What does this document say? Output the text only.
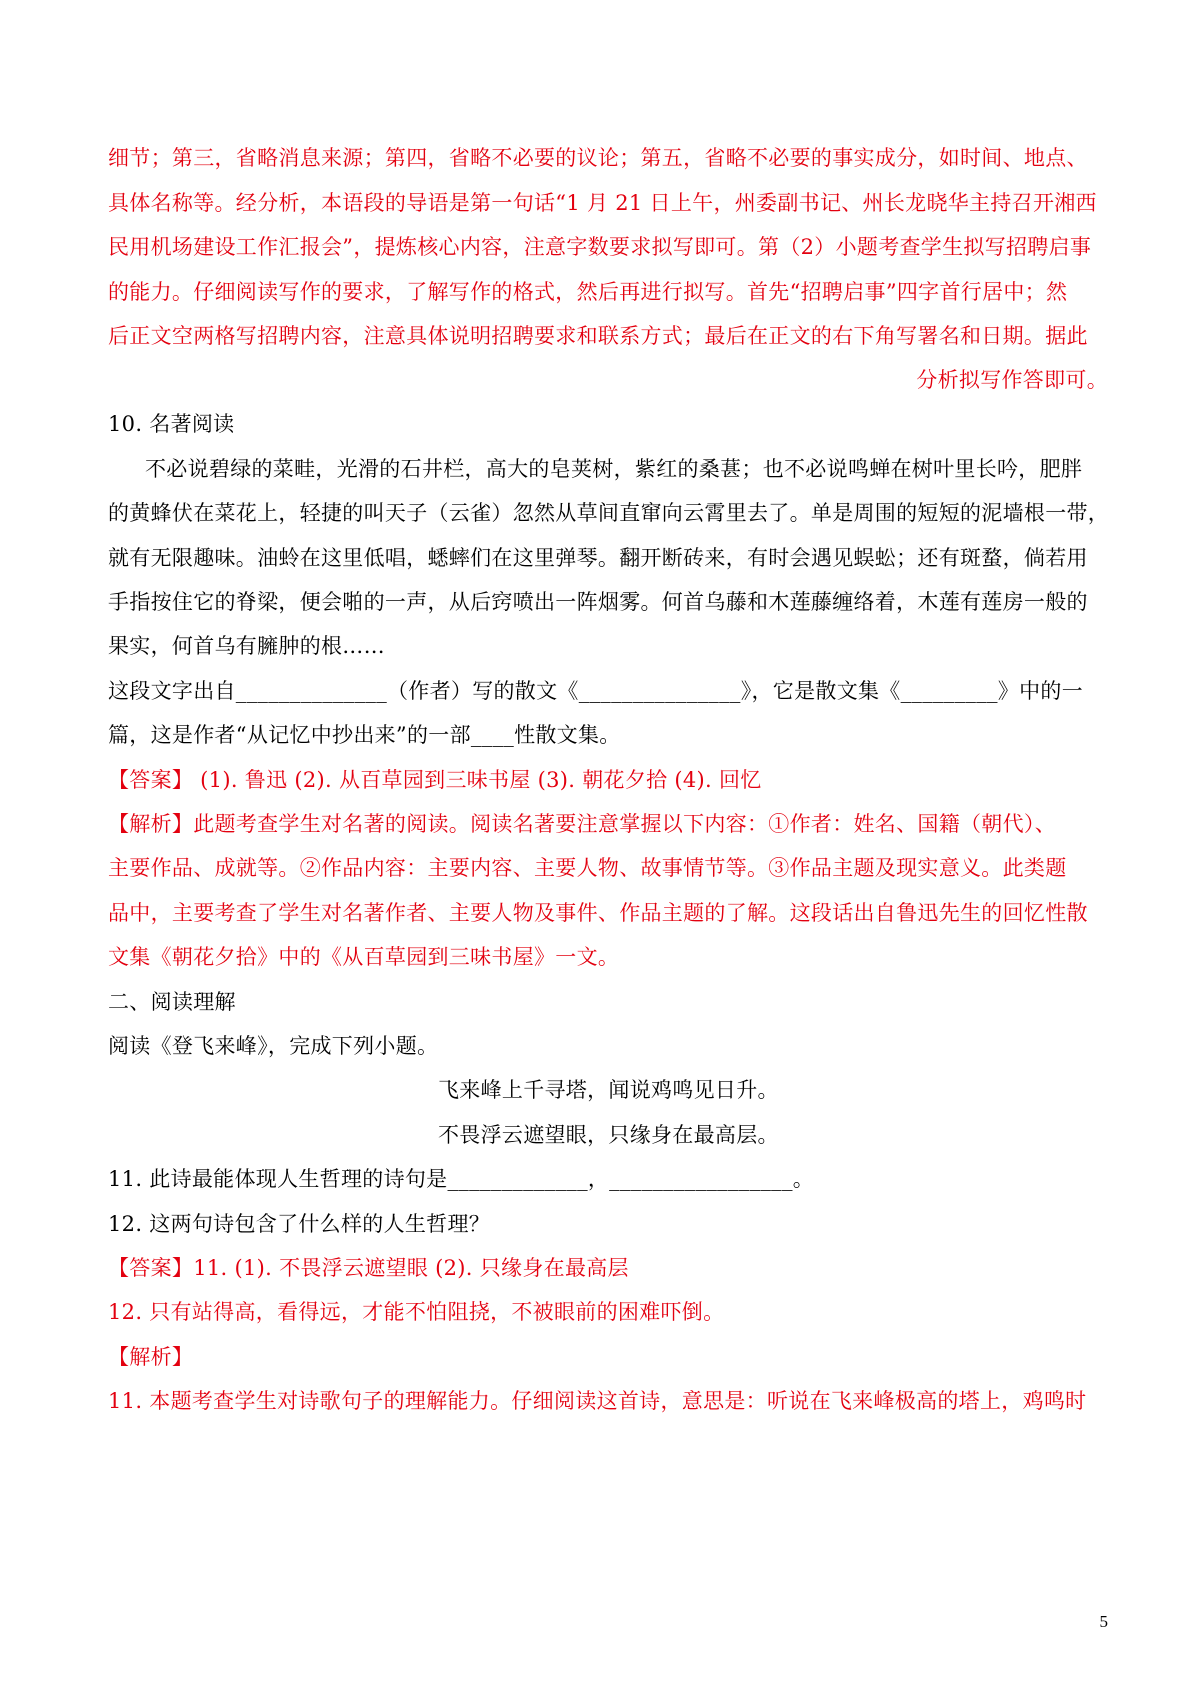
细节；第三，省略消息来源；第四，省略不必要的议论；第五，省略不必要的事实成分，如时间、地点、
具体名称等。经分析，本语段的导语是第一句话“1 月 21 日上午，州委副书记、州长龙晓华主持召开湘西
民用机场建设工作汇报会”，提炼核心内容，注意字数要求拟写即可。第（2）小题考查学生拟写招聘启事
的能力。仔细阅读写作的要求，了解写作的格式，然后再进行拟写。首先“招聘启事”四字首行居中；然
后正文空两格写招聘内容，注意具体说明招聘要求和联系方式；最后在正文的右下角写署名和日期。据此
分析拟写作答即可。
10. 名著阅读
不必说碧绿的菜畦，光滑的石井栏，高大的皂荚树，紫红的桑葚；也不必说鸣蝉在树叶里长吟，肥胖
的黄蜂伏在菜花上，轻捷的叫天子（云雀）忽然从草间直窜向云霄里去了。单是周围的短短的泥墙根一带，
就有无限趣味。油蛉在这里低唱，蟋蟀们在这里弹琴。翻开断砖来，有时会遇见蜈蚣；还有斑蝥，倘若用
手指按住它的脊梁，便会啪的一声，从后窍喷出一阵烟雾。何首乌藤和木莲藤缠络着，木莲有莲房一般的
果实，何首乌有臃肿的根……
这段文字出自______________（作者）写的散文《_______________》，它是散文集《_________》中的一
篇，这是作者“从记忆中抄出来”的一部____性散文集。
【答案】 (1). 鲁迅 (2). 从百草园到三味书屋 (3). 朝花夕拾 (4). 回忆
【解析】此题考查学生对名著的阅读。阅读名著要注意掌握以下内容：①作者：姓名、国籍（朝代）、
主要作品、成就等。②作品内容：主要内容、主要人物、故事情节等。③作品主题及现实意义。此类题
品中，主要考查了学生对名著作者、主要人物及事件、作品主题的了解。这段话出自鲁迅先生的回忆性散
文集《朝花夕拾》中的《从百草园到三味书屋》一文。
二、阅读理解
阅读《登飞来峰》，完成下列小题。
飞来峰上千寻塔，闻说鸡鸣见日升。
不畏浮云遮望眼，只缘身在最高层。
11. 此诗最能体现人生哲理的诗句是_____________，_________________。
12. 这两句诗包含了什么样的人生哲理？
【答案】11. (1). 不畏浮云遮望眼 (2). 只缘身在最高层
12. 只有站得高，看得远，才能不怕阻挠，不被眼前的困难吓倒。
【解析】
11. 本题考查学生对诗歌句子的理解能力。仔细阅读这首诗，意思是：听说在飞来峰极高的塔上，鸡鸣时
5
